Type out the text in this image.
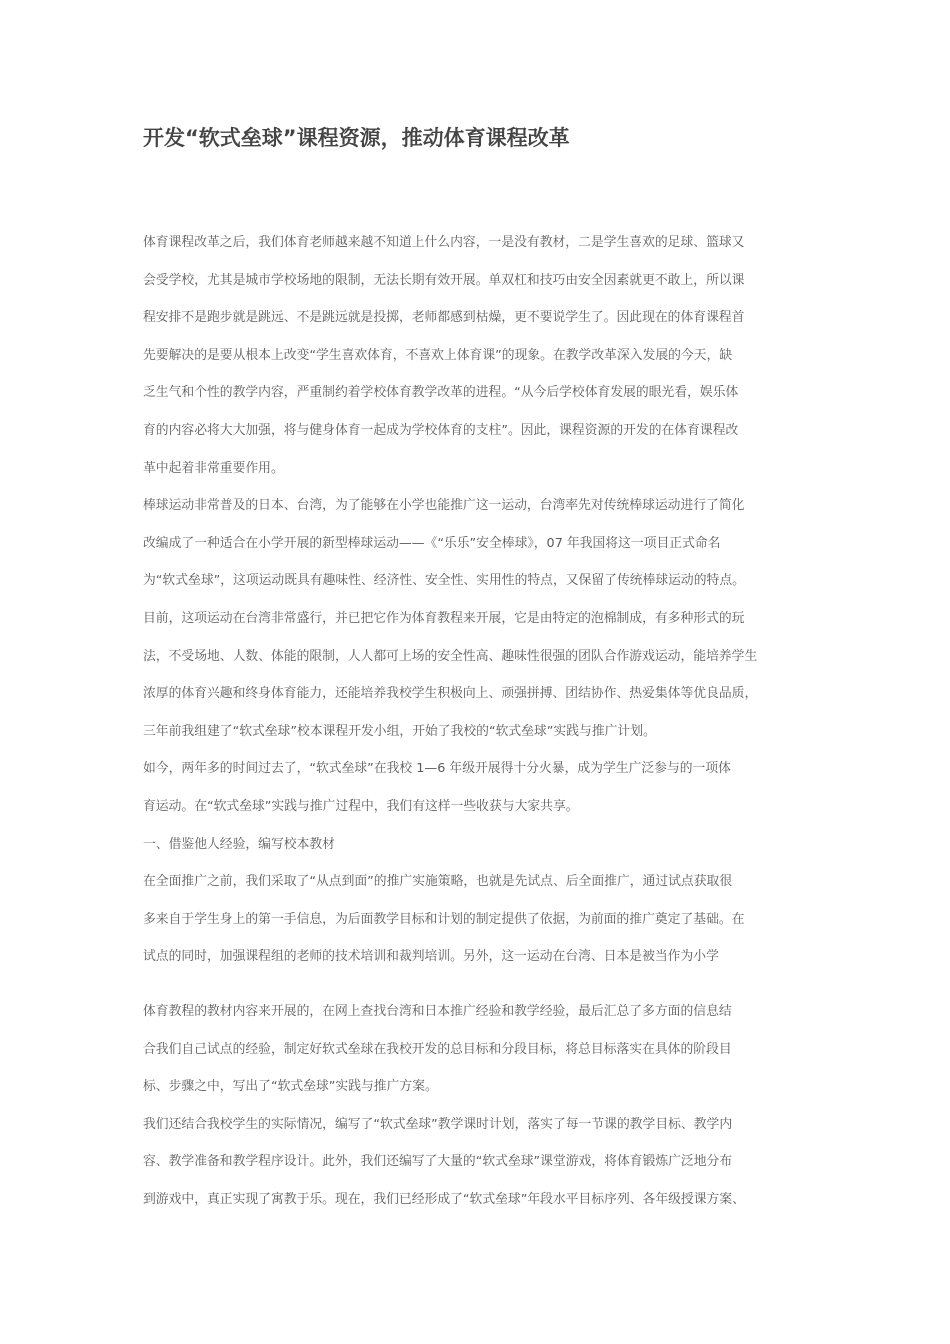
开发“软式垒球”课程资源，推动体育课程改革

体育课程改革之后，我们体育老师越来越不知道上什么内容，一是没有教材，二是学生喜欢的足球、篮球又
会受学校，尤其是城市学校场地的限制，无法长期有效开展。单双杠和技巧由安全因素就更不敢上，所以课
程安排不是跑步就是跳远、不是跳远就是投掷，老师都感到枯燥，更不要说学生了。因此现在的体育课程首
先要解决的是要从根本上改变“学生喜欢体育，不喜欢上体育课”的现象。在教学改革深入发展的今天，缺
乏生气和个性的教学内容，严重制约着学校体育教学改革的进程。“从今后学校体育发展的眼光看，娱乐体
育的内容必将大大加强，将与健身体育一起成为学校体育的支柱”。因此，课程资源的开发的在体育课程改
革中起着非常重要作用。

棒球运动非常普及的日本、台湾，为了能够在小学也能推广这一运动，台湾率先对传统棒球运动进行了简化
改编成了一种适合在小学开展的新型棒球运动——《“乐乐”安全棒球》，07 年我国将这一项目正式命名
为“软式垒球”，这项运动既具有趣味性、经济性、安全性、实用性的特点，又保留了传统棒球运动的特点。
目前，这项运动在台湾非常盛行，并已把它作为体育教程来开展，它是由特定的泡棉制成，有多种形式的玩
法，不受场地、人数、体能的限制，人人都可上场的安全性高、趣味性很强的团队合作游戏运动，能培养学生
浓厚的体育兴趣和终身体育能力，还能培养我校学生积极向上、顽强拼搏、团结协作、热爱集体等优良品质，
三年前我组建了“软式垒球”校本课程开发小组，开始了我校的“软式垒球”实践与推广计划。

如今，两年多的时间过去了，“软式垒球”在我校 1—6 年级开展得十分火暴，成为学生广泛参与的一项体
育运动。在“软式垒球”实践与推广过程中，我们有这样一些收获与大家共享。

一、借鉴他人经验，编写校本教材

在全面推广之前，我们采取了“从点到面”的推广实施策略，也就是先试点、后全面推广，通过试点获取很
多来自于学生身上的第一手信息，为后面教学目标和计划的制定提供了依据，为前面的推广奠定了基础。在
试点的同时，加强课程组的老师的技术培训和裁判培训。另外，这一运动在台湾、日本是被当作为小学

体育教程的教材内容来开展的，在网上查找台湾和日本推广经验和教学经验，最后汇总了多方面的信息结
合我们自己试点的经验，制定好软式垒球在我校开发的总目标和分段目标，将总目标落实在具体的阶段目
标、步骤之中，写出了“软式垒球”实践与推广方案。

我们还结合我校学生的实际情况，编写了“软式垒球”教学课时计划，落实了每一节课的教学目标、教学内
容、教学准备和教学程序设计。此外，我们还编写了大量的“软式垒球”课堂游戏，将体育锻炼广泛地分布
到游戏中，真正实现了寓教于乐。现在，我们已经形成了“软式垒球”年段水平目标序列、各年级授课方案、
